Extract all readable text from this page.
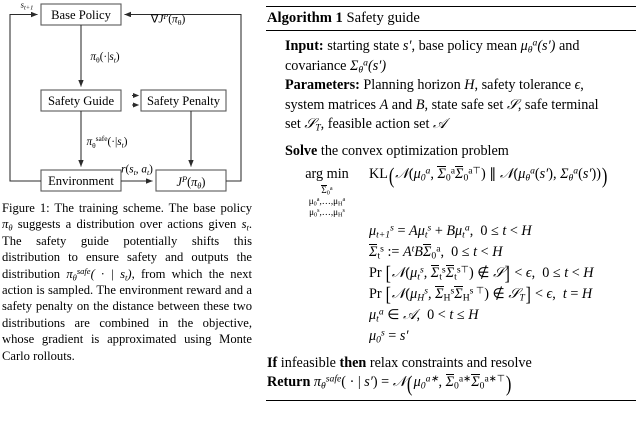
Base Policy
Safety Guide	Safety Penalty
Environment	$J^P(\pi_\theta)$
$s_{t+1}$
$\nabla J^P(\pi_\theta)$
$\pi_\theta(\cdot|s_t)$
$\pi_\theta^{safe}(\cdot|s_t)$
$r(s_t$, $a_t$)
Figure 1: The training scheme. The base policy $\pi_\theta$ suggests a distribution over actions given $s_t$. The safety guide potentially shifts this distribution to ensure safety and outputs the distribution $\pi_\theta^{safe}$( · | $s_t$), from which the next action is sampled. The environment reward and a safety penalty on the distance between these two distributions are combined in the objective, whose gradient is approximated using Monte Carlo rollouts.
Algorithm 1 Safety guide
Input: starting state s′, base policy mean $\mu_\theta^a(s')$ and
covariance $\Sigma_\theta^a(s')$
Parameters: Planning horizon H, safety tolerance ϵ,
system matrices A and B, state safe set 𝒮, safe terminal
set 𝒮$_T$, feasible action set 𝒜
Solve the convex optimization problem
arg min
$\Sigma_0^a$
$\mu_0^a,\dots,\mu_H^a$
$\mu_0^s,\dots,\mu_H^s$
$KL(𝒩(\mu_0^a$, $\Sigma_0^a\Sigma_0^{a⊤}$) ∥ $𝒩(\mu_\theta^a(s')$, $\Sigma_\theta^a(s')$))
$\mu_{t+1}^s = A\mu_t^s + B\mu_t^a$,  0 ≤ t < H
$\Sigma_t^s$ := $A^tB\Sigma_0^a$,  0 ≤ t < H
Pr [$𝒩(\mu_t^s$, $\Sigma_t^s\Sigma_t^{s⊤}$) ∉ 𝒮] < ϵ,  0 ≤ t < H
Pr [$𝒩(\mu_H^s$, $\Sigma_H^s\Sigma_H^{s ⊤}$) ∉ 𝒮$_T$] < ϵ,  t = H
$\mu_t^a$ ∈ 𝒜,  0 < t ≤ H
$\mu_0^s = s'$
If infeasible then relax constraints and resolve
Return $\pi_\theta^{safe}$( · | $s') = 𝒩(\mu_0^{a∗}$, $\Sigma_0^{a∗}\Sigma_0^{a∗⊤}$)
